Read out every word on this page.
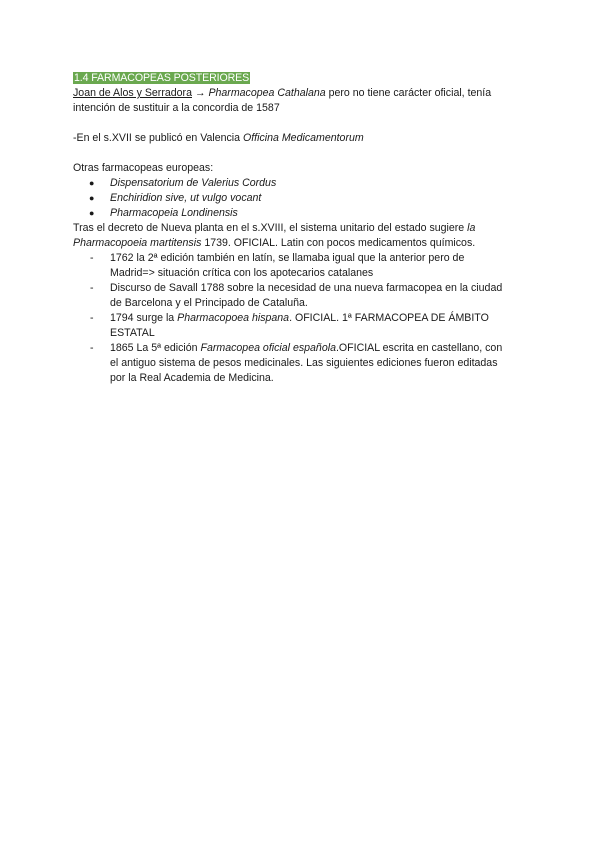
1.4 FARMACOPEAS POSTERIORES

Joan de Alos y Serradora → Pharmacopea Cathalana pero no tiene carácter oficial, tenía
intención de sustituir a la concordia de 1587

-En el s.XVII se publicó en Valencia Officina Medicamentorum

Otras farmacopeas europeas:

● Dispensatorium de Valerius Cordus
● Enchiridion sive, ut vulgo vocant
● Pharmacopeia Londinensis

Tras el decreto de Nueva planta en el s.XVIII, el sistema unitario del estado sugiere la
Pharmacopoeia martitensis 1739. OFICIAL. Latin con pocos medicamentos químicos.

- 1762 la 2ª edición también en latín, se llamaba igual que la anterior pero de
Madrid=> situación crítica con los apotecarios catalanes
- Discurso de Savall 1788 sobre la necesidad de una nueva farmacopea en la ciudad
de Barcelona y el Principado de Cataluña.
- 1794 surge la Pharmacopoea hispana. OFICIAL. 1ª FARMACOPEA DE ÁMBITO
ESTATAL
- 1865 La 5ª edición Farmacopea oficial española.OFICIAL escrita en castellano, con
el antiguo sistema de pesos medicinales. Las siguientes ediciones fueron editadas
por la Real Academia de Medicina.
